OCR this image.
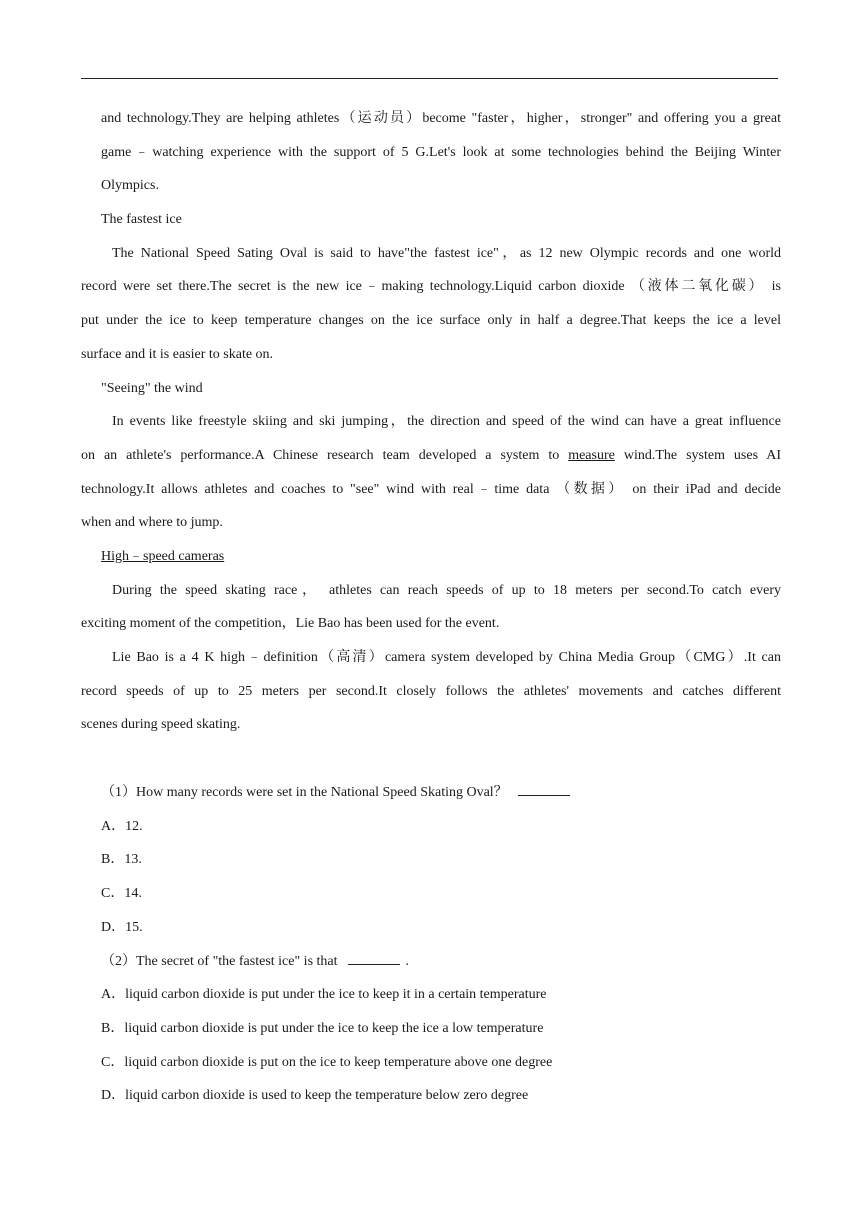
and technology.They are helping athletes（运动员）become "faster，higher，stronger" and offering you a great
game﹣watching experience with the support of 5 G.Let's look at some technologies behind the Beijing Winter
Olympics.
The fastest ice
The National Speed Sating Oval is said to have"the fastest ice"，as 12 new Olympic records and one world
record were set there.The secret is the new ice﹣making technology.Liquid carbon dioxide （液体二氧化碳） is
put under the ice to keep temperature changes on the ice surface only in half a degree.That keeps the ice a level
surface and it is easier to skate on.
"Seeing" the wind
In events like freestyle skiing and ski jumping，the direction and speed of the wind can have a great influence
on an athlete's performance.A Chinese research team developed a system to measure wind.The system uses AI
technology.It allows athletes and coaches to "see" wind with real﹣time data （数据） on their iPad and decide
when and where to jump.
High﹣speed cameras
During the speed skating race， athletes can reach speeds of up to 18 meters per second.To catch every
exciting moment of the competition，Lie Bao has been used for the event.
Lie Bao is a 4 K high﹣definition（高清）camera system developed by China Media Group（CMG）.It can
record speeds of up to 25 meters per second.It closely follows the athletes' movements and catches different
scenes during speed skating.
（1）How many records were set in the National Speed Skating Oval？
A．12.
B．13.
C．14.
D．15.
（2）The secret of "the fastest ice" is that	.
A．liquid carbon dioxide is put under the ice to keep it in a certain temperature
B．liquid carbon dioxide is put under the ice to keep the ice a low temperature
C．liquid carbon dioxide is put on the ice to keep temperature above one degree
D．liquid carbon dioxide is used to keep the temperature below zero degree
